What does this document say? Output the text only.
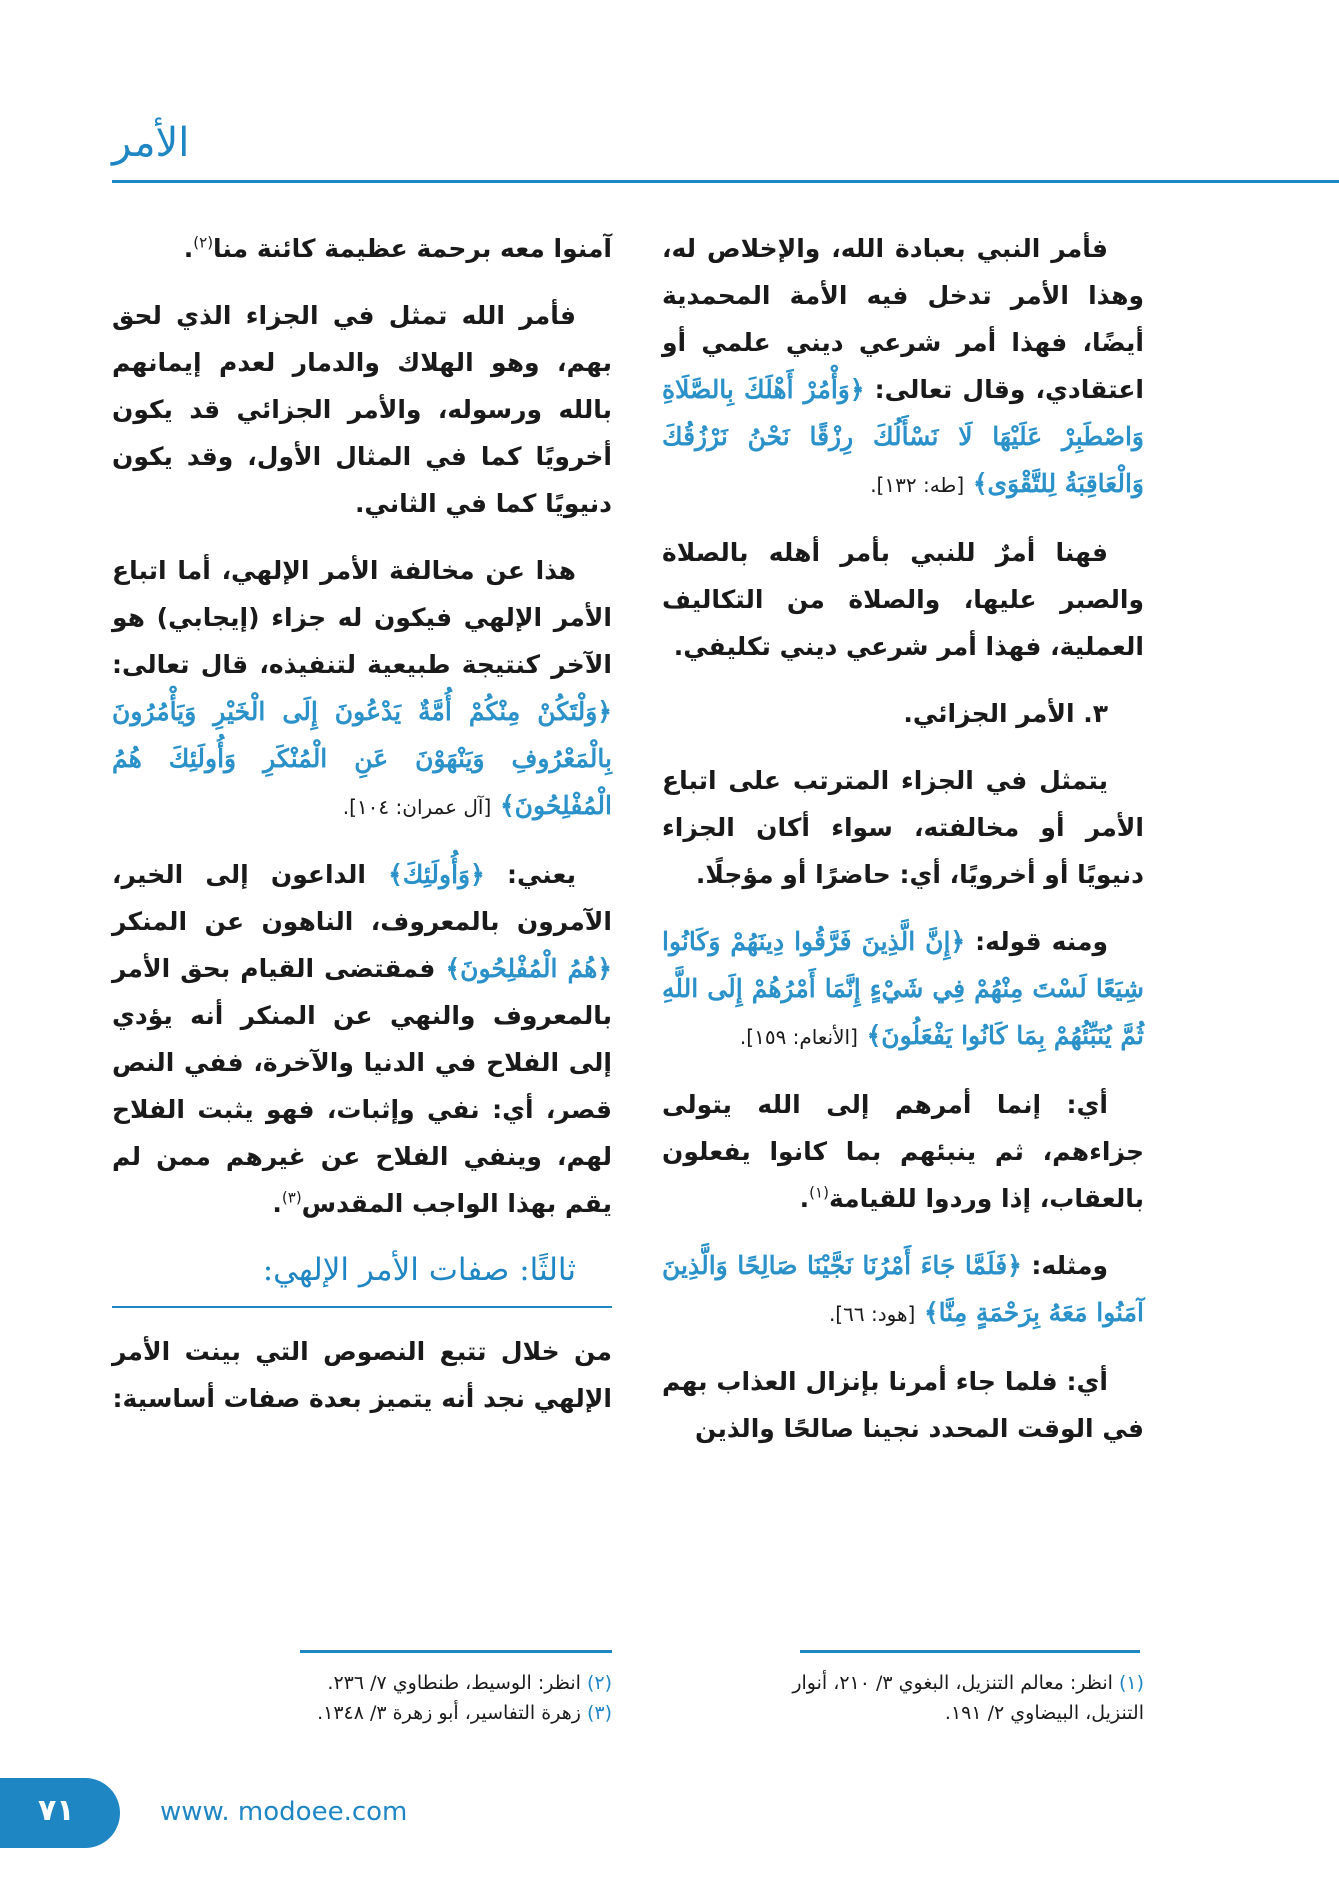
الأمر

فأمر النبي بعبادة الله، والإخلاص له، وهذا الأمر تدخل فيه الأمة المحمدية أيضًا، فهذا أمر شرعي ديني علمي أو اعتقادي، وقال تعالى: ﴿وَأْمُرْ أَهْلَكَ بِالصَّلَاةِ وَاصْطَبِرْ عَلَيْهَا لَا نَسْأَلُكَ رِزْقًا نَحْنُ نَرْزُقُكَ وَالْعَاقِبَةُ لِلتَّقْوَى﴾ [طه: ١٣٢].

فهنا أمرٌ للنبي بأمر أهله بالصلاة والصبر عليها، والصلاة من التكاليف العملية، فهذا أمر شرعي ديني تكليفي.

٣. الأمر الجزائي.

يتمثل في الجزاء المترتب على اتباع الأمر أو مخالفته، سواء أكان الجزاء دنيويًا أو أخرويًا، أي: حاضرًا أو مؤجلًا.

ومنه قوله: ﴿إِنَّ الَّذِينَ فَرَّقُوا دِينَهُمْ وَكَانُوا شِيَعًا لَسْتَ مِنْهُمْ فِي شَيْءٍ إِنَّمَا أَمْرُهُمْ إِلَى اللَّهِ ثُمَّ يُنَبِّئُهُمْ بِمَا كَانُوا يَفْعَلُونَ﴾ [الأنعام: ١٥٩].

أي: إنما أمرهم إلى الله يتولى جزاءهم، ثم ينبئهم بما كانوا يفعلون بالعقاب، إذا وردوا للقيامة$^{(١)}$.

ومثله: ﴿فَلَمَّا جَاءَ أَمْرُنَا نَجَّيْنَا صَالِحًا وَالَّذِينَ آمَنُوا مَعَهُ بِرَحْمَةٍ مِنَّا﴾ [هود: ٦٦].

أي: فلما جاء أمرنا بإنزال العذاب بهم في الوقت المحدد نجينا صالحًا والذين

آمنوا معه برحمة عظيمة كائنة منا$^{(٢)}$.

فأمر الله تمثل في الجزاء الذي لحق بهم، وهو الهلاك والدمار لعدم إيمانهم بالله ورسوله، والأمر الجزائي قد يكون أخرويًا كما في المثال الأول، وقد يكون دنيويًا كما في الثاني.

هذا عن مخالفة الأمر الإلهي، أما اتباع الأمر الإلهي فيكون له جزاء (إيجابي) هو الآخر كنتيجة طبيعية لتنفيذه، قال تعالى: ﴿وَلْتَكُنْ مِنْكُمْ أُمَّةٌ يَدْعُونَ إِلَى الْخَيْرِ وَيَأْمُرُونَ بِالْمَعْرُوفِ وَيَنْهَوْنَ عَنِ الْمُنْكَرِ وَأُولَئِكَ هُمُ الْمُفْلِحُونَ﴾ [آل عمران: ١٠٤].

يعني: ﴿وَأُولَئِكَ﴾ الداعون إلى الخير، الآمرون بالمعروف، الناهون عن المنكر ﴿هُمُ الْمُفْلِحُونَ﴾ فمقتضى القيام بحق الأمر بالمعروف والنهي عن المنكر أنه يؤدي إلى الفلاح في الدنيا والآخرة، ففي النص قصر، أي: نفي وإثبات، فهو يثبت الفلاح لهم، وينفي الفلاح عن غيرهم ممن لم يقم بهذا الواجب المقدس$^{(٣)}$.

ثالثًا: صفات الأمر الإلهي:

من خلال تتبع النصوص التي بينت الأمر الإلهي نجد أنه يتميز بعدة صفات أساسية:

(١) انظر: معالم التنزيل، البغوي ٣/ ٢١٠، أنوار
التنزيل، البيضاوي ٢/ ١٩١.
(٢) انظر: الوسيط، طنطاوي ٧/ ٢٣٦.
(٣) زهرة التفاسير، أبو زهرة ٣/ ١٣٤٨.
٧١	www. modoee.com
